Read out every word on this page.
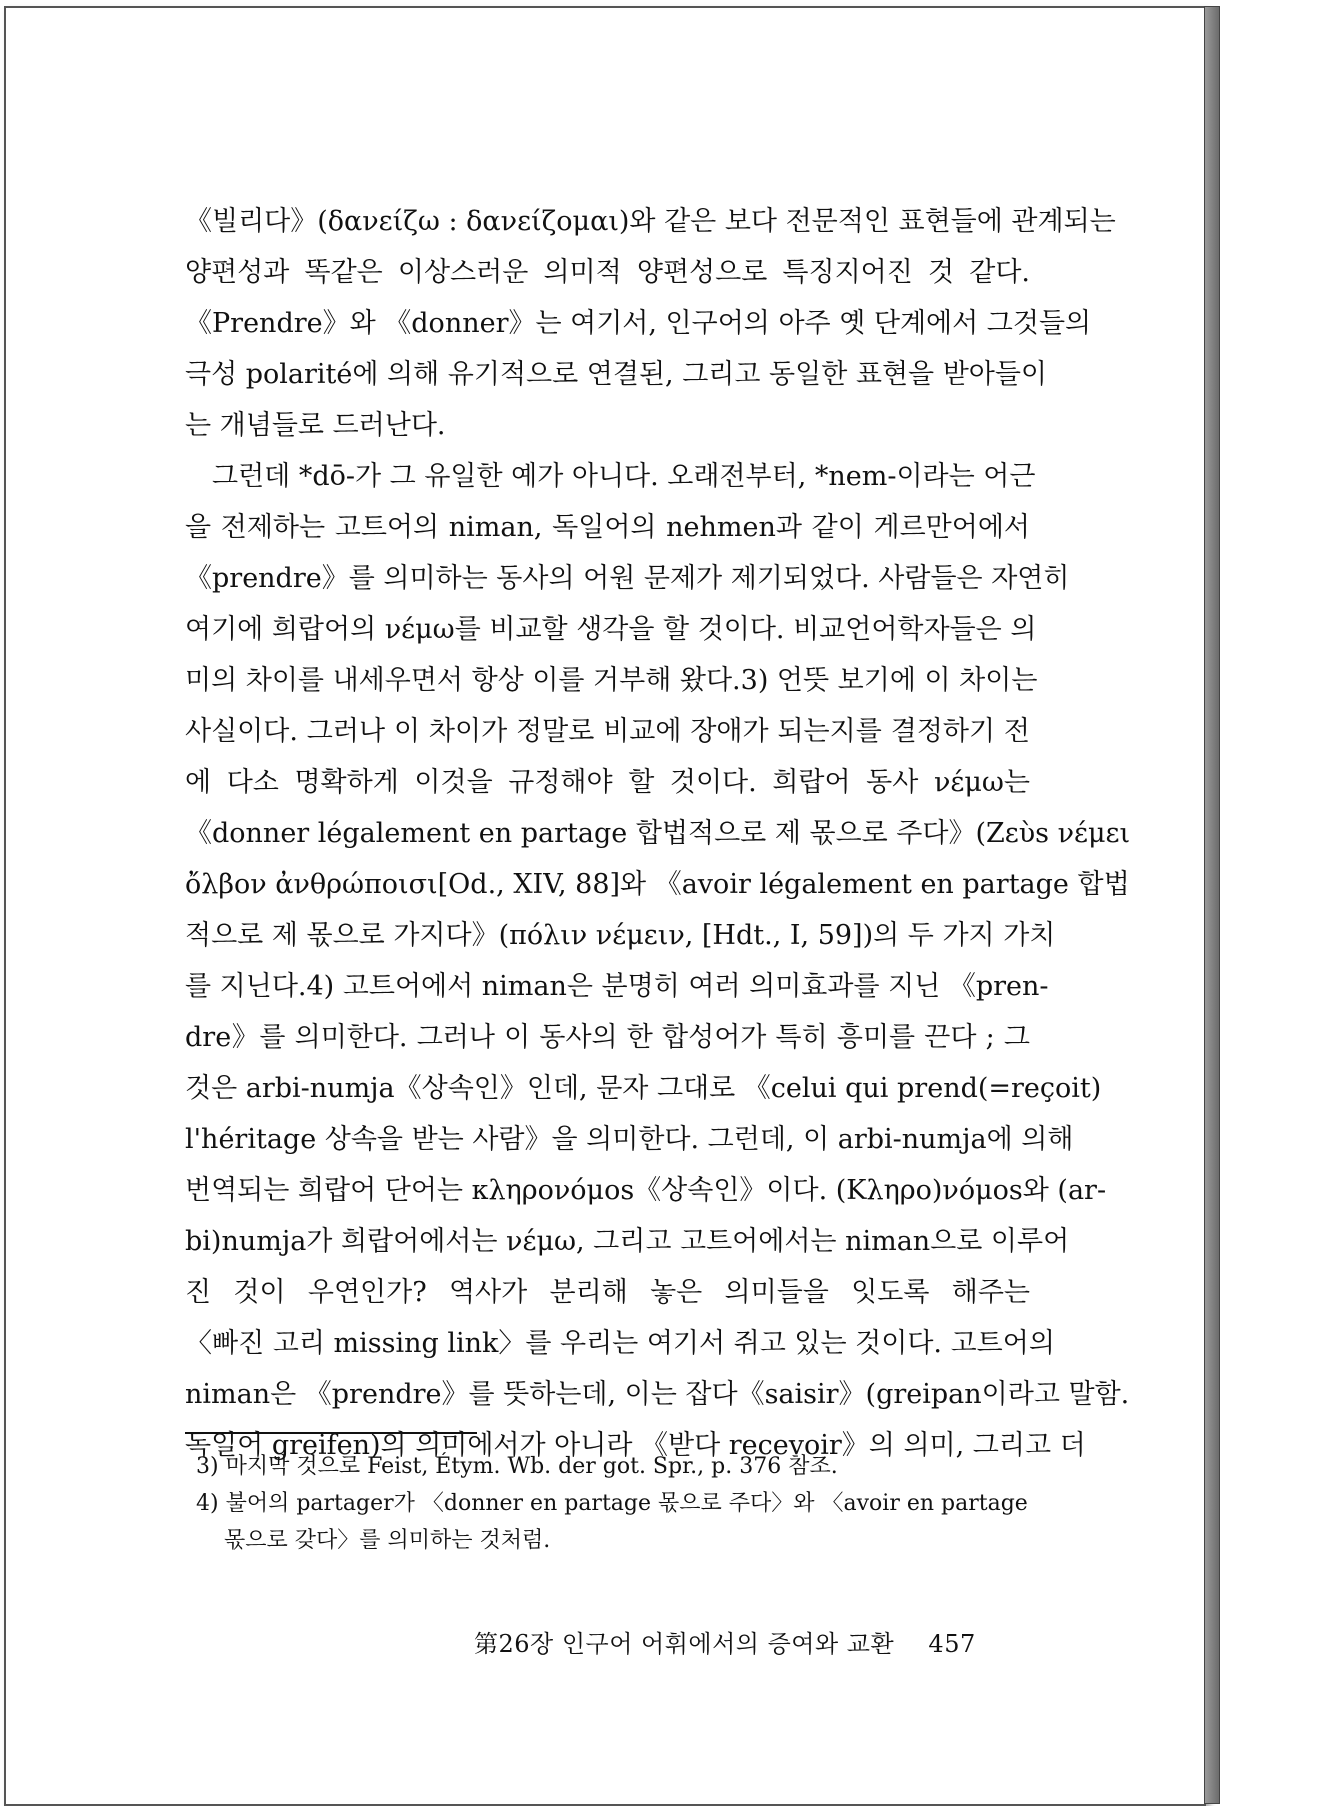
《빌리다》(δανείζω : δανείζομαι)와 같은 보다 전문적인 표현들에 관계되는
양편성과 똑같은 이상스러운 의미적 양편성으로 특징지어진 것 같다.
《Prendre》와 《donner》는 여기서, 인구어의 아주 옛 단계에서 그것들의
극성 polarité에 의해 유기적으로 연결된, 그리고 동일한 표현을 받아들이
는 개념들로 드러난다.
그런데 *dō-가 그 유일한 예가 아니다. 오래전부터, *nem-이라는 어근
을 전제하는 고트어의 niman, 독일어의 nehmen과 같이 게르만어에서
《prendre》를 의미하는 동사의 어원 문제가 제기되었다. 사람들은 자연히
여기에 희랍어의 νέμω를 비교할 생각을 할 것이다. 비교언어학자들은 의
미의 차이를 내세우면서 항상 이를 거부해 왔다.3) 언뜻 보기에 이 차이는
사실이다. 그러나 이 차이가 정말로 비교에 장애가 되는지를 결정하기 전
에 다소 명확하게 이것을 규정해야 할 것이다. 희랍어 동사 νέμω는
《donner légalement en partage 합법적으로 제 몫으로 주다》(Ζεὺs νέμει
ὄλβον ἀνθρώποισι[Od., XIV, 88]와 《avoir légalement en partage 합법
적으로 제 몫으로 가지다》(πόλιν νέμειν, [Hdt., I, 59])의 두 가지 가치
를 지닌다.4) 고트어에서 niman은 분명히 여러 의미효과를 지닌 《pren-
dre》를 의미한다. 그러나 이 동사의 한 합성어가 특히 흥미를 끈다 ; 그
것은 arbi-numja《상속인》인데, 문자 그대로 《celui qui prend(=reçoit)
l'héritage 상속을 받는 사람》을 의미한다. 그런데, 이 arbi-numja에 의해
번역되는 희랍어 단어는 κληρονόμοs《상속인》이다. (Κληρο)νόμοs와 (ar-
bi)numja가 희랍어에서는 νέμω, 그리고 고트어에서는 niman으로 이루어
진 것이 우연인가? 역사가 분리해 놓은 의미들을 잇도록 해주는
〈빠진 고리 missing link〉를 우리는 여기서 쥐고 있는 것이다. 고트어의
niman은 《prendre》를 뜻하는데, 이는 잡다《saisir》(greipan이라고 말함.
독일어 greifen)의 의미에서가 아니라 《받다 recevoir》의 의미, 그리고 더
3) 마지막 것으로 Feist, Étym. Wb. der got. Spr., p. 376 참조.
4) 불어의 partager가 〈donner en partage 몫으로 주다〉와 〈avoir en partage
몫으로 갖다〉를 의미하는 것처럼.
第26장 인구어 어휘에서의 증여와 교환 457
